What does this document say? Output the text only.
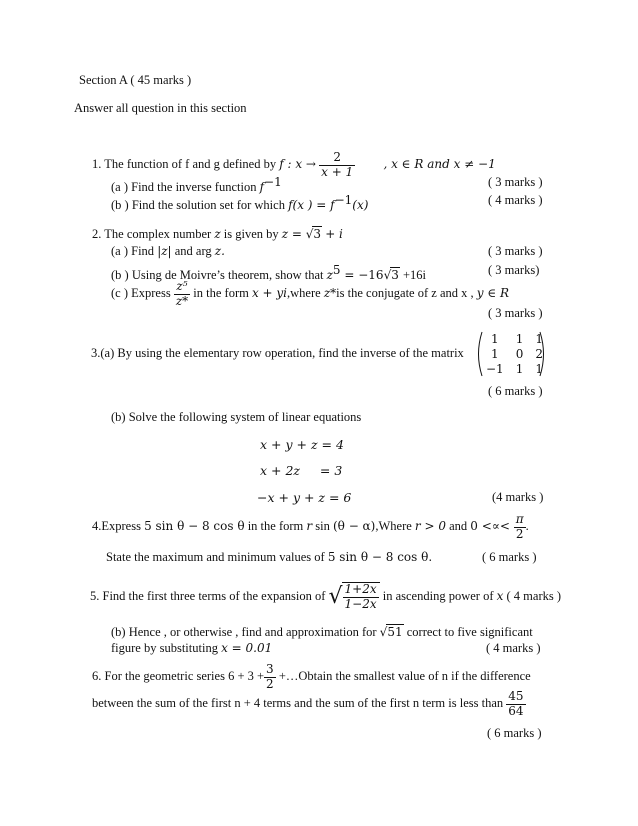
Section A ( 45 marks )
Answer all question in this section
1. The function of f and g defined by f : $x \to \frac{2}{x + 1}$ , x ∈ R and x ≠ −1
(a ) Find the inverse function $f^{-1}$	( 3 marks )
(b ) Find the solution set for which f(x ) = $f^{-1}(x)$	( 4 marks )
2. The complex number z is given by z = √3 + i
(a ) Find |z| and arg z.	( 3 marks )
(b ) Using de Moivre’s theorem, show that $z^5 = -16√3 +16i$	( 3 marks)
(c ) Express $\frac{\text{z⁵}}{z*}$ in the form x + yi,where z*is the conjugate of z and x , y ∈ R
( 3 marks )
3.(a) By using the elementary row operation, find the inverse of the matrix
1	1	1
1	0	2
−1	1	1
( 6 marks )
(b) Solve the following system of linear equations
x + y + z = 4
x + 2z     = 3
−x + y + z = 6	(4 marks )
4.Express 5 sin θ − 8 cos θ in the form r sin (θ − α),Where r > 0 and 0 <∝< $\frac{\pi}{2}$ .
State the maximum and minimum values of 5 sin θ − 8 cos θ.	( 6 marks )
5. Find the first three terms of the expansion of √ $\frac{1+2x}{1-2x}$ in ascending power of x ( 4 marks )
(b) Hence , or otherwise , find and approximation for √51 correct to five significant
figure by substituting x = 0.01	( 4 marks )
6. For the geometric series $6 + 3 + \frac{3}{2}$ +…Obtain the smallest value of n if the difference
between the sum of the first n + 4 terms and the sum of the first n term is less than $\frac{45}{64}$
( 6 marks )
